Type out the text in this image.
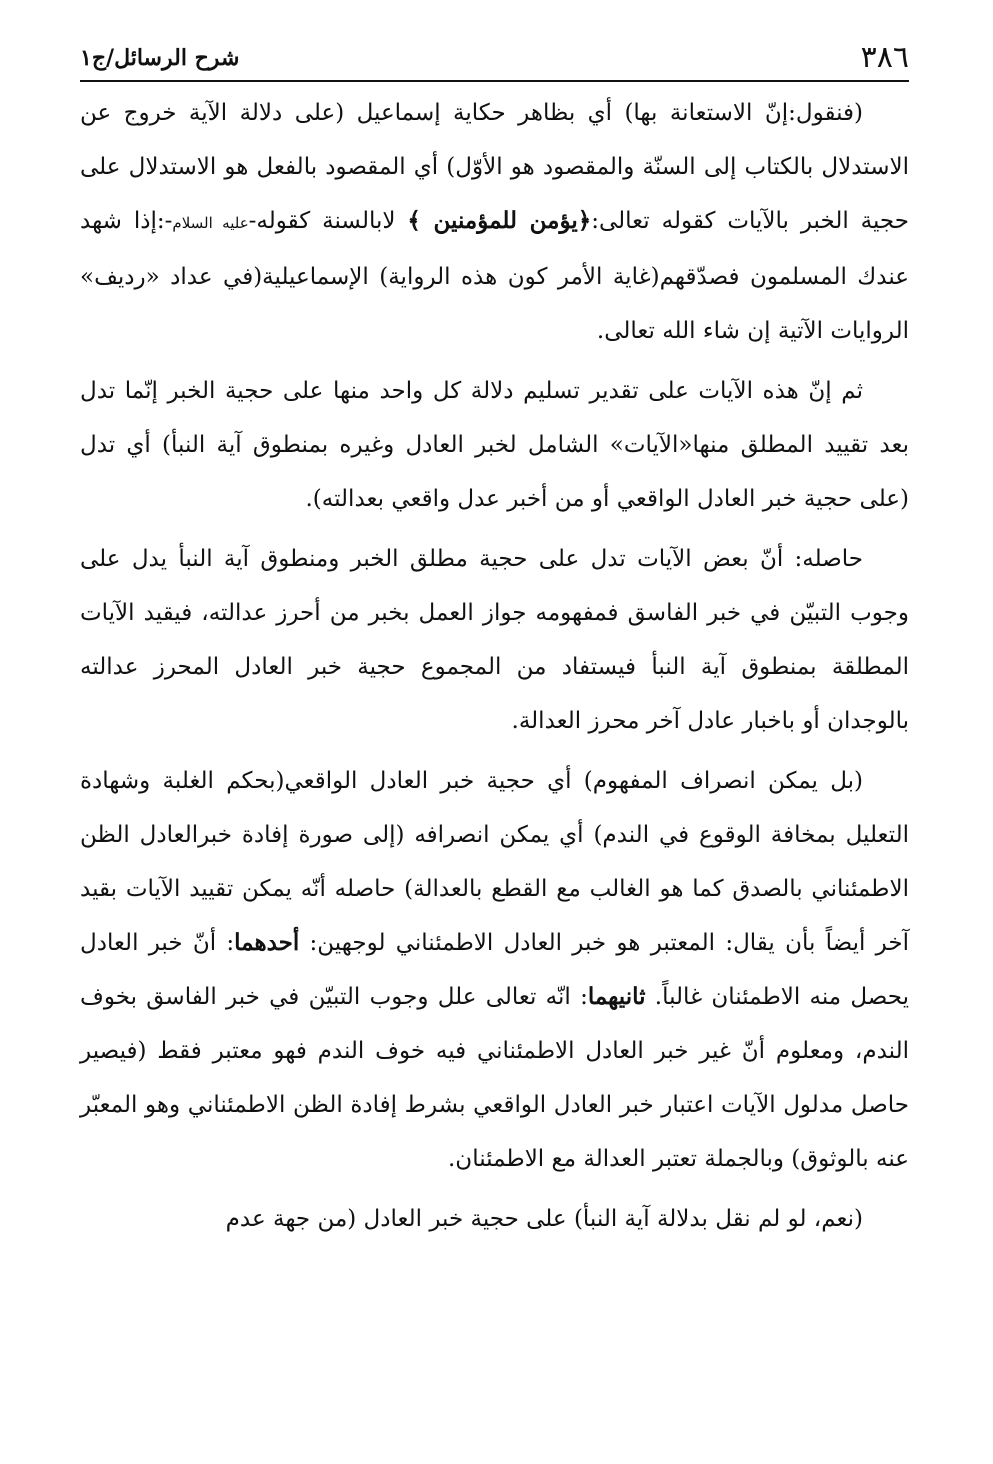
٣٨٦
شرح الرسائل/ج١

(فنقول:إنّ الاستعانة بها) أي بظاهر حكاية إسماعيل (على دلالة الآية خروج عن الاستدلال بالكتاب إلى السنّة والمقصود هو الأوّل) أي المقصود بالفعل هو الاستدلال على حجية الخبر بالآيات كقوله تعالى:﴿يؤمن للمؤمنين ﴾ لابالسنة كقوله-عليه السلام-:إذا شهد عندك المسلمون فصدّقهم(غاية الأمر كون هذه الرواية) الإسماعيلية(في عداد «رديف» الروايات الآتية إن شاء الله تعالى.

ثم إنّ هذه الآيات على تقدير تسليم دلالة كل واحد منها على حجية الخبر إنّما تدل بعد تقييد المطلق منها«الآيات» الشامل لخبر العادل وغيره بمنطوق آية النبأ) أي تدل (على حجية خبر العادل الواقعي أو من أخبر عدل واقعي بعدالته).

حاصله: أنّ بعض الآيات تدل على حجية مطلق الخبر ومنطوق آية النبأ يدل على وجوب التبيّن في خبر الفاسق فمفهومه جواز العمل بخبر من أحرز عدالته، فيقيد الآيات المطلقة بمنطوق آية النبأ فيستفاد من المجموع حجية خبر العادل المحرز عدالته بالوجدان أو باخبار عادل آخر محرز العدالة.

(بل يمكن انصراف المفهوم) أي حجية خبر العادل الواقعي(بحكم الغلبة وشهادة التعليل بمخافة الوقوع في الندم) أي يمكن انصرافه (إلى صورة إفادة خبرالعادل الظن الاطمئناني بالصدق كما هو الغالب مع القطع بالعدالة) حاصله أنّه يمكن تقييد الآيات بقيد آخر أيضاً بأن يقال: المعتبر هو خبر العادل الاطمئناني لوجهين: أحدهما: أنّ خبر العادل يحصل منه الاطمئنان غالباً. ثانيهما: انّه تعالى علل وجوب التبيّن في خبر الفاسق بخوف الندم، ومعلوم أنّ غير خبر العادل الاطمئناني فيه خوف الندم فهو معتبر فقط (فيصير حاصل مدلول الآيات اعتبار خبر العادل الواقعي بشرط إفادة الظن الاطمئناني وهو المعبّر عنه بالوثوق) وبالجملة تعتبر العدالة مع الاطمئنان.

(نعم، لو لم نقل بدلالة آية النبأ) على حجية خبر العادل (من جهة عدم
